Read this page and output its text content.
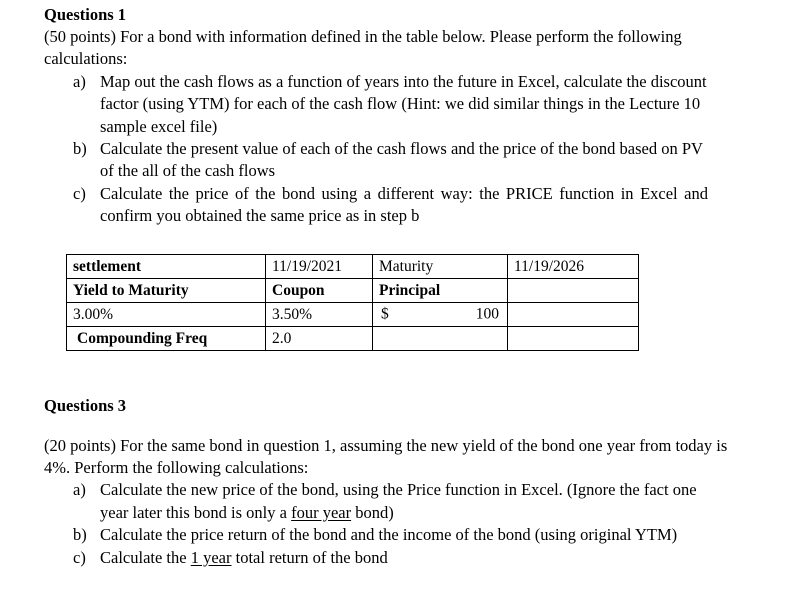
Questions 1

(50 points) For a bond with information defined in the table below. Please perform the following calculations:

a) Map out the cash flows as a function of years into the future in Excel, calculate the discount factor (using YTM) for each of the cash flow (Hint: we did similar things in the Lecture 10 sample excel file)
b) Calculate the present value of each of the cash flows and the price of the bond based on PV of the all of the cash flows
c) Calculate the price of the bond using a different way: the PRICE function in Excel and confirm you obtained the same price as in step b
settlement	11/19/2021	Maturity	11/19/2026
Yield to Maturity	Coupon	Principal	
3.00%	3.50%	$ 100	

Compounding Freq	2.0		
Questions 3

(20 points) For the same bond in question 1, assuming the new yield of the bond one year from today is 4%. Perform the following calculations:

a) Calculate the new price of the bond, using the Price function in Excel. (Ignore the fact one year later this bond is only a four year bond)
b) Calculate the price return of the bond and the income of the bond (using original YTM)
c) Calculate the 1 year total return of the bond
